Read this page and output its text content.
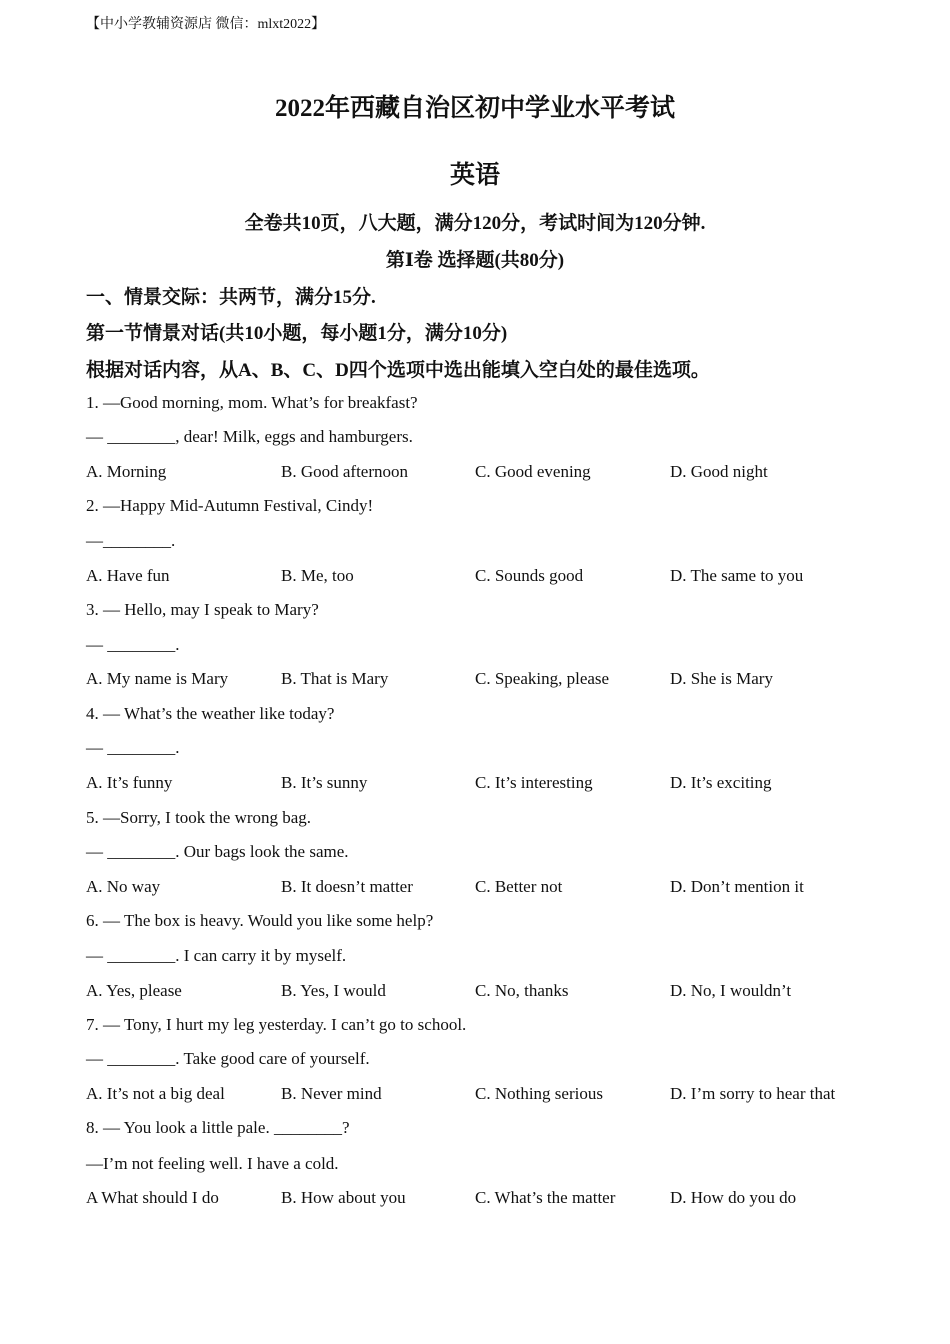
【中小学教辅资源店 微信：mlxt2022】
2022年西藏自治区初中学业水平考试
英语
全卷共10页，八大题，满分120分，考试时间为120分钟.
第Ⅰ卷 选择题(共80分)
一、情景交际：共两节，满分15分.
第一节情景对话(共10小题，每小题1分，满分10分)
根据对话内容，从A、B、C、D四个选项中选出能填入空白处的最佳选项。
1. —Good morning, mom. What’s for breakfast?
— ________, dear! Milk, eggs and hamburgers.
A. Morning	B. Good afternoon	C. Good evening	D. Good night
2. —Happy Mid-Autumn Festival, Cindy!
—________.
A. Have fun	B. Me, too	C. Sounds good	D. The same to you
3. — Hello, may I speak to Mary?
— ________.
A. My name is Mary	B. That is Mary	C. Speaking, please	D. She is Mary
4. — What’s the weather like today?
— ________.
A. It’s funny	B. It’s sunny	C. It’s interesting	D. It’s exciting
5. —Sorry, I took the wrong bag.
— ________. Our bags look the same.
A. No way	B. It doesn’t matter	C. Better not	D. Don’t mention it
6. — The box is heavy. Would you like some help?
— ________. I can carry it by myself.
A. Yes, please	B. Yes, I would	C. No, thanks	D. No, I wouldn’t
7. — Tony, I hurt my leg yesterday. I can’t go to school.
— ________. Take good care of yourself.
A. It’s not a big deal	B. Never mind	C. Nothing serious	D. I’m sorry to hear that
8. — You look a little pale. ________?
—I’m not feeling well. I have a cold.
A What should I do	B. How about you	C. What’s the matter	D. How do you do
